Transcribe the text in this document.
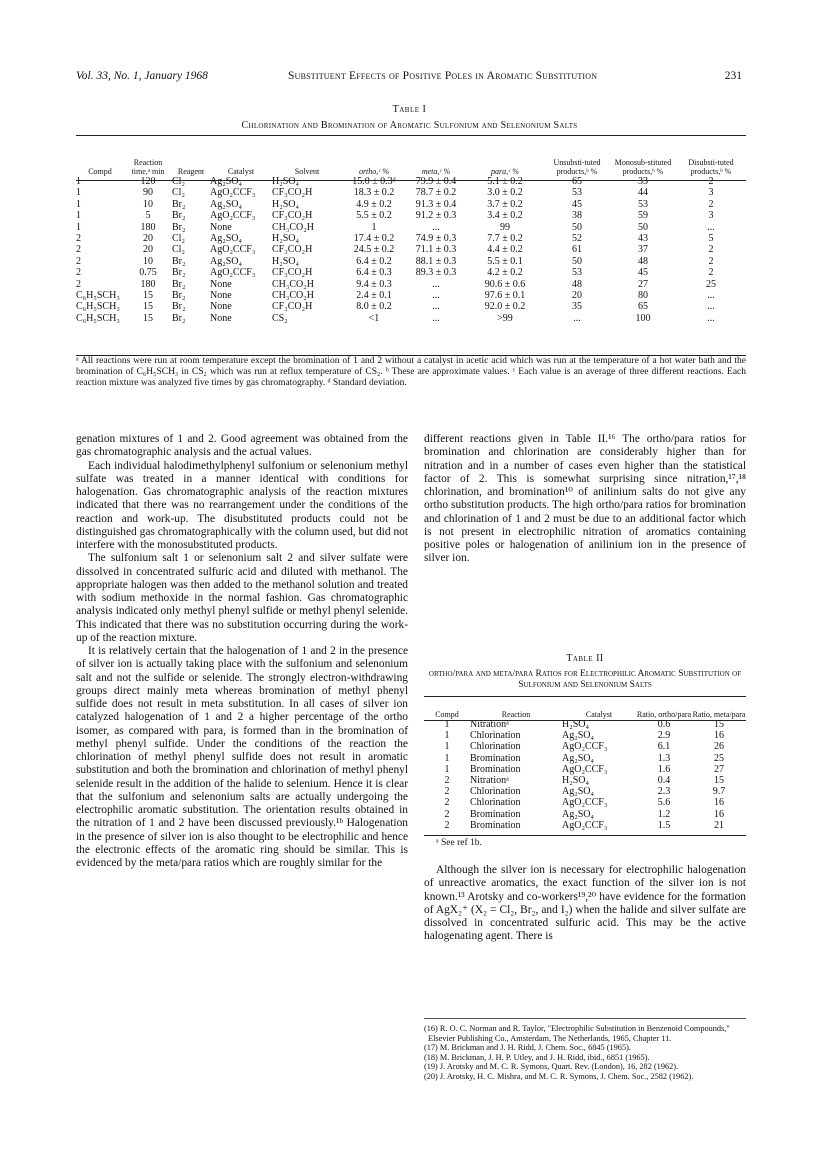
Vol. 33, No. 1, January 1968	Substituent Effects of Positive Poles in Aromatic Substitution	231
Table I
Chlorination and Bromination of Aromatic Sulfonium and Selenonium Salts
Compd	Reaction time,ᵃ min	Reagent	Catalyst	Solvent	ortho,ᶜ %	meta,ᶜ %	para,ᶜ %	Unsubsti-tuted products,ᵇ %	Monosub-stituted products,ᵇ %	Disubsti-tuted products,ᵇ %
1	120	Cl₂	Ag₂SO₄	H₂SO₄	15.0 ± 0.3ᵈ	79.9 ± 0.4	5.1 ± 0.2	65	33	2
1	90	Cl₂	AgO₂CCF₃	CF₃CO₂H	18.3 ± 0.2	78.7 ± 0.2	3.0 ± 0.2	53	44	3
1	10	Br₂	Ag₂SO₄	H₂SO₄	4.9 ± 0.2	91.3 ± 0.4	3.7 ± 0.2	45	53	2
1	5	Br₂	AgO₂CCF₃	CF₃CO₂H	5.5 ± 0.2	91.2 ± 0.3	3.4 ± 0.2	38	59	3
1	180	Br₂	None	CH₃CO₂H	1	...	99	50	50	...
2	20	Cl₂	Ag₂SO₄	H₂SO₄	17.4 ± 0.2	74.9 ± 0.3	7.7 ± 0.2	52	43	5
2	20	Cl₂	AgO₂CCF₃	CF₃CO₂H	24.5 ± 0.2	71.1 ± 0.3	4.4 ± 0.2	61	37	2
2	10	Br₂	Ag₂SO₄	H₂SO₄	6.4 ± 0.2	88.1 ± 0.3	5.5 ± 0.1	50	48	2
2	0.75	Br₂	AgO₂CCF₃	CF₃CO₂H	6.4 ± 0.3	89.3 ± 0.3	4.2 ± 0.2	53	45	2
2	180	Br₂	None	CH₃CO₂H	9.4 ± 0.3	...	90.6 ± 0.6	48	27	25
C₆H₅SCH₃	15	Br₂	None	CH₃CO₂H	2.4 ± 0.1	...	97.6 ± 0.1	20	80	...
C₆H₅SCH₃	15	Br₂	None	CF₃CO₂H	8.0 ± 0.2	...	92.0 ± 0.2	35	65	...
C₆H₅SCH₃	15	Br₂	None	CS₂	<1	...	>99	...	100	...
ᵃ All reactions were run at room temperature except the bromination of 1 and 2 without a catalyst in acetic acid which was run at the temperature of a hot water bath and the bromination of C₆H₅SCH₃ in CS₂ which was run at reflux temperature of CS₂. ᵇ These are approximate values. ᶜ Each value is an average of three different reactions. Each reaction mixture was analyzed five times by gas chromatography. ᵈ Standard deviation.

genation mixtures of 1 and 2. Good agreement was obtained from the gas chromatographic analysis and the actual values.

Each individual halodimethylphenyl sulfonium or selenonium methyl sulfate was treated in a manner identical with conditions for halogenation. Gas chromatographic analysis of the reaction mixtures indicated that there was no rearrangement under the conditions of the reaction and work-up. The disubstituted products could not be distinguished gas chromatographically with the column used, but did not interfere with the monosubstituted products.

The sulfonium salt 1 or selenonium salt 2 and silver sulfate were dissolved in concentrated sulfuric acid and diluted with methanol. The appropriate halogen was then added to the methanol solution and treated with sodium methoxide in the normal fashion. Gas chromatographic analysis indicated only methyl phenyl sulfide or methyl phenyl selenide. This indicated that there was no substitution occurring during the work-up of the reaction mixture.

It is relatively certain that the halogenation of 1 and 2 in the presence of silver ion is actually taking place with the sulfonium and selenonium salt and not the sulfide or selenide. The strongly electron-withdrawing groups direct mainly meta whereas bromination of methyl phenyl sulfide does not result in meta substitution. In all cases of silver ion catalyzed halogenation of 1 and 2 a higher percentage of the ortho isomer, as compared with para, is formed than in the bromination of methyl phenyl sulfide. Under the conditions of the reaction the chlorination of methyl phenyl sulfide does not result in aromatic substitution and both the bromination and chlorination of methyl phenyl selenide result in the addition of the halide to selenium. Hence it is clear that the sulfonium and selenonium salts are actually undergoing the electrophilic aromatic substitution. The orientation results obtained in the nitration of 1 and 2 have been discussed previously.¹ᵇ Halogenation in the presence of silver ion is also thought to be electrophilic and hence the electronic effects of the aromatic ring should be similar. This is evidenced by the meta/para ratios which are roughly similar for the

different reactions given in Table II.¹⁶ The ortho/para ratios for bromination and chlorination are considerably higher than for nitration and in a number of cases even higher than the statistical factor of 2. This is somewhat surprising since nitration,¹⁷,¹⁸ chlorination, and bromination¹⁰ of anilinium salts do not give any ortho substitution products. The high ortho/para ratios for bromination and chlorination of 1 and 2 must be due to an additional factor which is not present in electrophilic nitration of aromatics containing positive poles or halogenation of anilinium ion in the presence of silver ion.

Table II
ortho/para and meta/para Ratios for Electrophilic Aromatic Substitution of Sulfonium and Selenonium Salts
Compd	Reaction	Catalyst	Ratio, ortho/para	Ratio, meta/para
1	Nitrationᵃ	H₂SO₄	0.6	15
1	Chlorination	Ag₂SO₄	2.9	16
1	Chlorination	AgO₂CCF₃	6.1	26
1	Bromination	Ag₂SO₄	1.3	25
1	Bromination	AgO₂CCF₃	1.6	27
2	Nitrationᵃ	H₂SO₄	0.4	15
2	Chlorination	Ag₂SO₄	2.3	9.7
2	Chlorination	AgO₂CCF₃	5.6	16
2	Bromination	Ag₂SO₄	1.2	16
2	Bromination	AgO₂CCF₃	1.5	21
ᵃ See ref 1b.

Although the silver ion is necessary for electrophilic halogenation of unreactive aromatics, the exact function of the silver ion is not known.¹³ Arotsky and co-workers¹⁹,²⁰ have evidence for the formation of AgX₂⁺ (X₂ = Cl₂, Br₂, and I₂) when the halide and silver sulfate are dissolved in concentrated sulfuric acid. This may be the active halogenating agent. There is

(16) R. O. C. Norman and R. Taylor, "Electrophilic Substitution in Benzenoid Compounds," Elsevier Publishing Co., Amsterdam, The Netherlands, 1965, Chapter 11.
(17) M. Brickman and J. H. Ridd, J. Chem. Soc., 6845 (1965).
(18) M. Brickman, J. H. P. Utley, and J. H. Ridd, ibid., 6851 (1965).
(19) J. Arotsky and M. C. R. Symons, Quart. Rev. (London), 16, 282 (1962).
(20) J. Arotsky, H. C. Mishra, and M. C. R. Symons, J. Chem. Soc., 2582 (1962).
